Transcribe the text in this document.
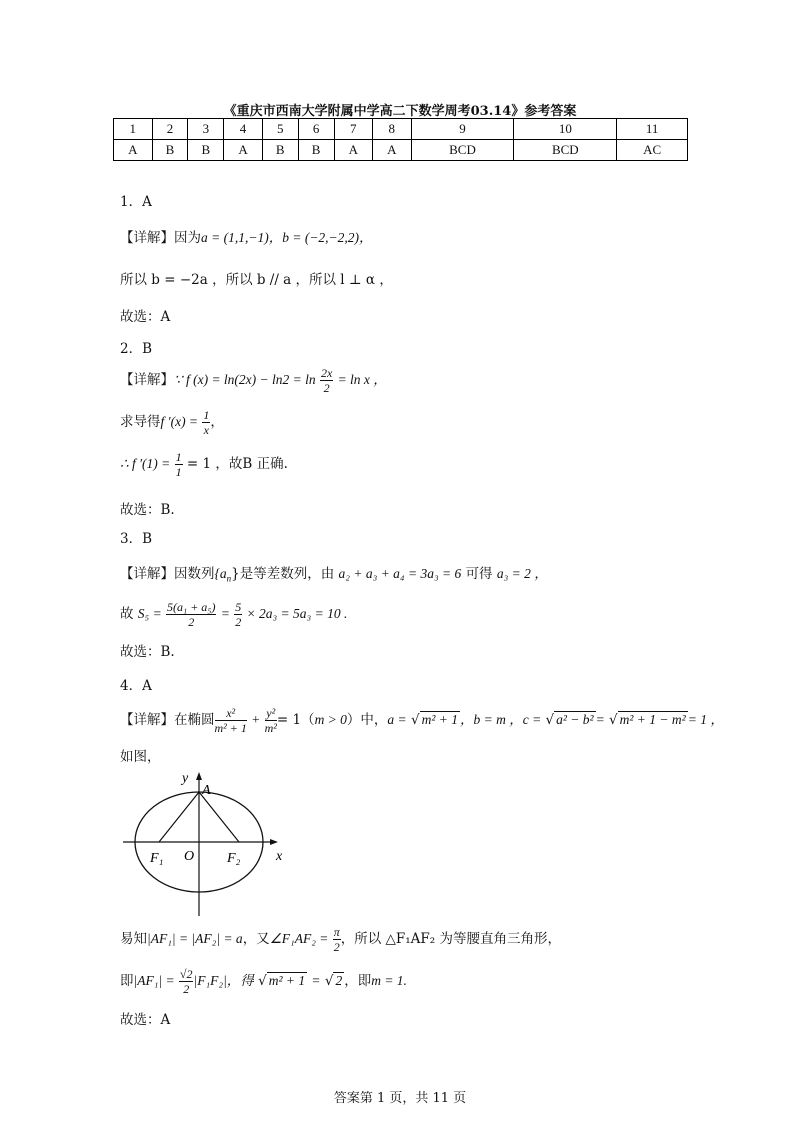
《重庆市西南大学附属中学高二下数学周考03.14》参考答案
1	2	3	4	5	6	7	8	9	10	11
A	B	B	A	B	B	A	A	BCD	BCD	AC
1．A
【详解】因为a = (1,1,−1)，b = (−2,−2,2)，
所以 b = −2a ，所以 b // a ，所以 l ⊥ α ，
故选：A
2．B
【详解】∵ f $(x) = \ln(2x) - \ln 2 = \ln \frac{2x}{2} = \ln x$ ，
求导得f $'(x) = \frac{1}{x}$ ，
∴ f $'(1) = \frac{1}{1} = 1$ ，故B 正确.
故选：B.
3．B
【详解】因数列$\{a_n\}$是等差数列，由 a₂ + a₃ + a₄ = 3a₃ = 6 可得 a₃ = 2 ，
故 $S_5 = \frac{\text{5(a₁ + a₅)}}{2} = \frac{5}{2} \times 2a_3 = 5a_3 = 10$ .
故选：B.
4．A
【详解】在椭圆 $\frac{\text{x²}}{\text{m² + 1}} + \frac{\text{y²}}{\text{m²}} = 1(m > 0)$中，a = √ m² + 1 ，b = m ，c = √ a² − b² = √ m² + 1 − m² = 1 ，
如图，
y
A
F₁ O F₂	x
易知|AF₁| = |AF₂| = a，又∠F₁AF₂ = $\frac{\pi}{2}$ ，所以 △F₁AF₂ 为等腰直角三角形，
即$|AF_1| = \frac{√2}{2} |F_1F_2|$，得 √ m² + 1 = √ 2 ，即m = 1.
故选：A
答案第 1 页，共 11 页
